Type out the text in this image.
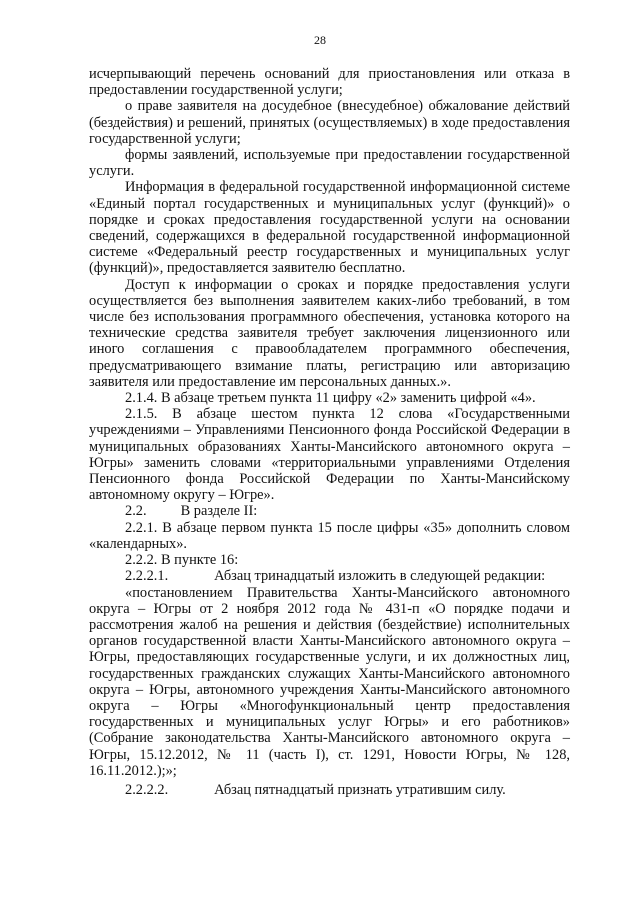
28

исчерпывающий перечень оснований для приостановления или отказа в предоставлении государственной услуги;

о праве заявителя на досудебное (внесудебное) обжалование действий (бездействия) и решений, принятых (осуществляемых) в ходе предоставления государственной услуги;

формы заявлений, используемые при предоставлении государственной услуги.

Информация в федеральной государственной информационной системе «Единый портал государственных и муниципальных услуг (функций)» о порядке и сроках предоставления государственной услуги на основании сведений, содержащихся в федеральной государственной информационной системе «Федеральный реестр государственных и муниципальных услуг (функций)», предоставляется заявителю бесплатно.

Доступ к информации о сроках и порядке предоставления услуги осуществляется без выполнения заявителем каких-либо требований, в том числе без использования программного обеспечения, установка которого на технические средства заявителя требует заключения лицензионного или иного соглашения с правообладателем программного обеспечения, предусматривающего взимание платы, регистрацию или авторизацию заявителя или предоставление им персональных данных.».

2.1.4. В абзаце третьем пункта 11 цифру «2» заменить цифрой «4».

2.1.5. В абзаце шестом пункта 12 слова «Государственными учреждениями – Управлениями Пенсионного фонда Российской Федерации в муниципальных образованиях Ханты-Мансийского автономного округа – Югры» заменить словами «территориальными управлениями Отделения Пенсионного фонда Российской Федерации по Ханты-Мансийскому автономному округу – Югре».

2.2. В разделе II:

2.2.1. В абзаце первом пункта 15 после цифры «35» дополнить словом «календарных».

2.2.2. В пункте 16:

2.2.2.1.	Абзац тринадцатый изложить в следующей редакции:

«постановлением Правительства Ханты-Мансийского автономного округа – Югры от 2 ноября 2012 года № 431-п «О порядке подачи и рассмотрения жалоб на решения и действия (бездействие) исполнительных органов государственной власти Ханты-Мансийского автономного округа – Югры, предоставляющих государственные услуги, и их должностных лиц, государственных гражданских служащих Ханты-Мансийского автономного округа – Югры, автономного учреждения Ханты-Мансийского автономного округа – Югры «Многофункциональный центр предоставления государственных и муниципальных услуг Югры» и его работников» (Собрание законодательства Ханты-Мансийского автономного округа – Югры, 15.12.2012, № 11 (часть I), ст. 1291, Новости Югры, № 128, 16.11.2012.);»;

2.2.2.2.	Абзац пятнадцатый признать утратившим силу.
